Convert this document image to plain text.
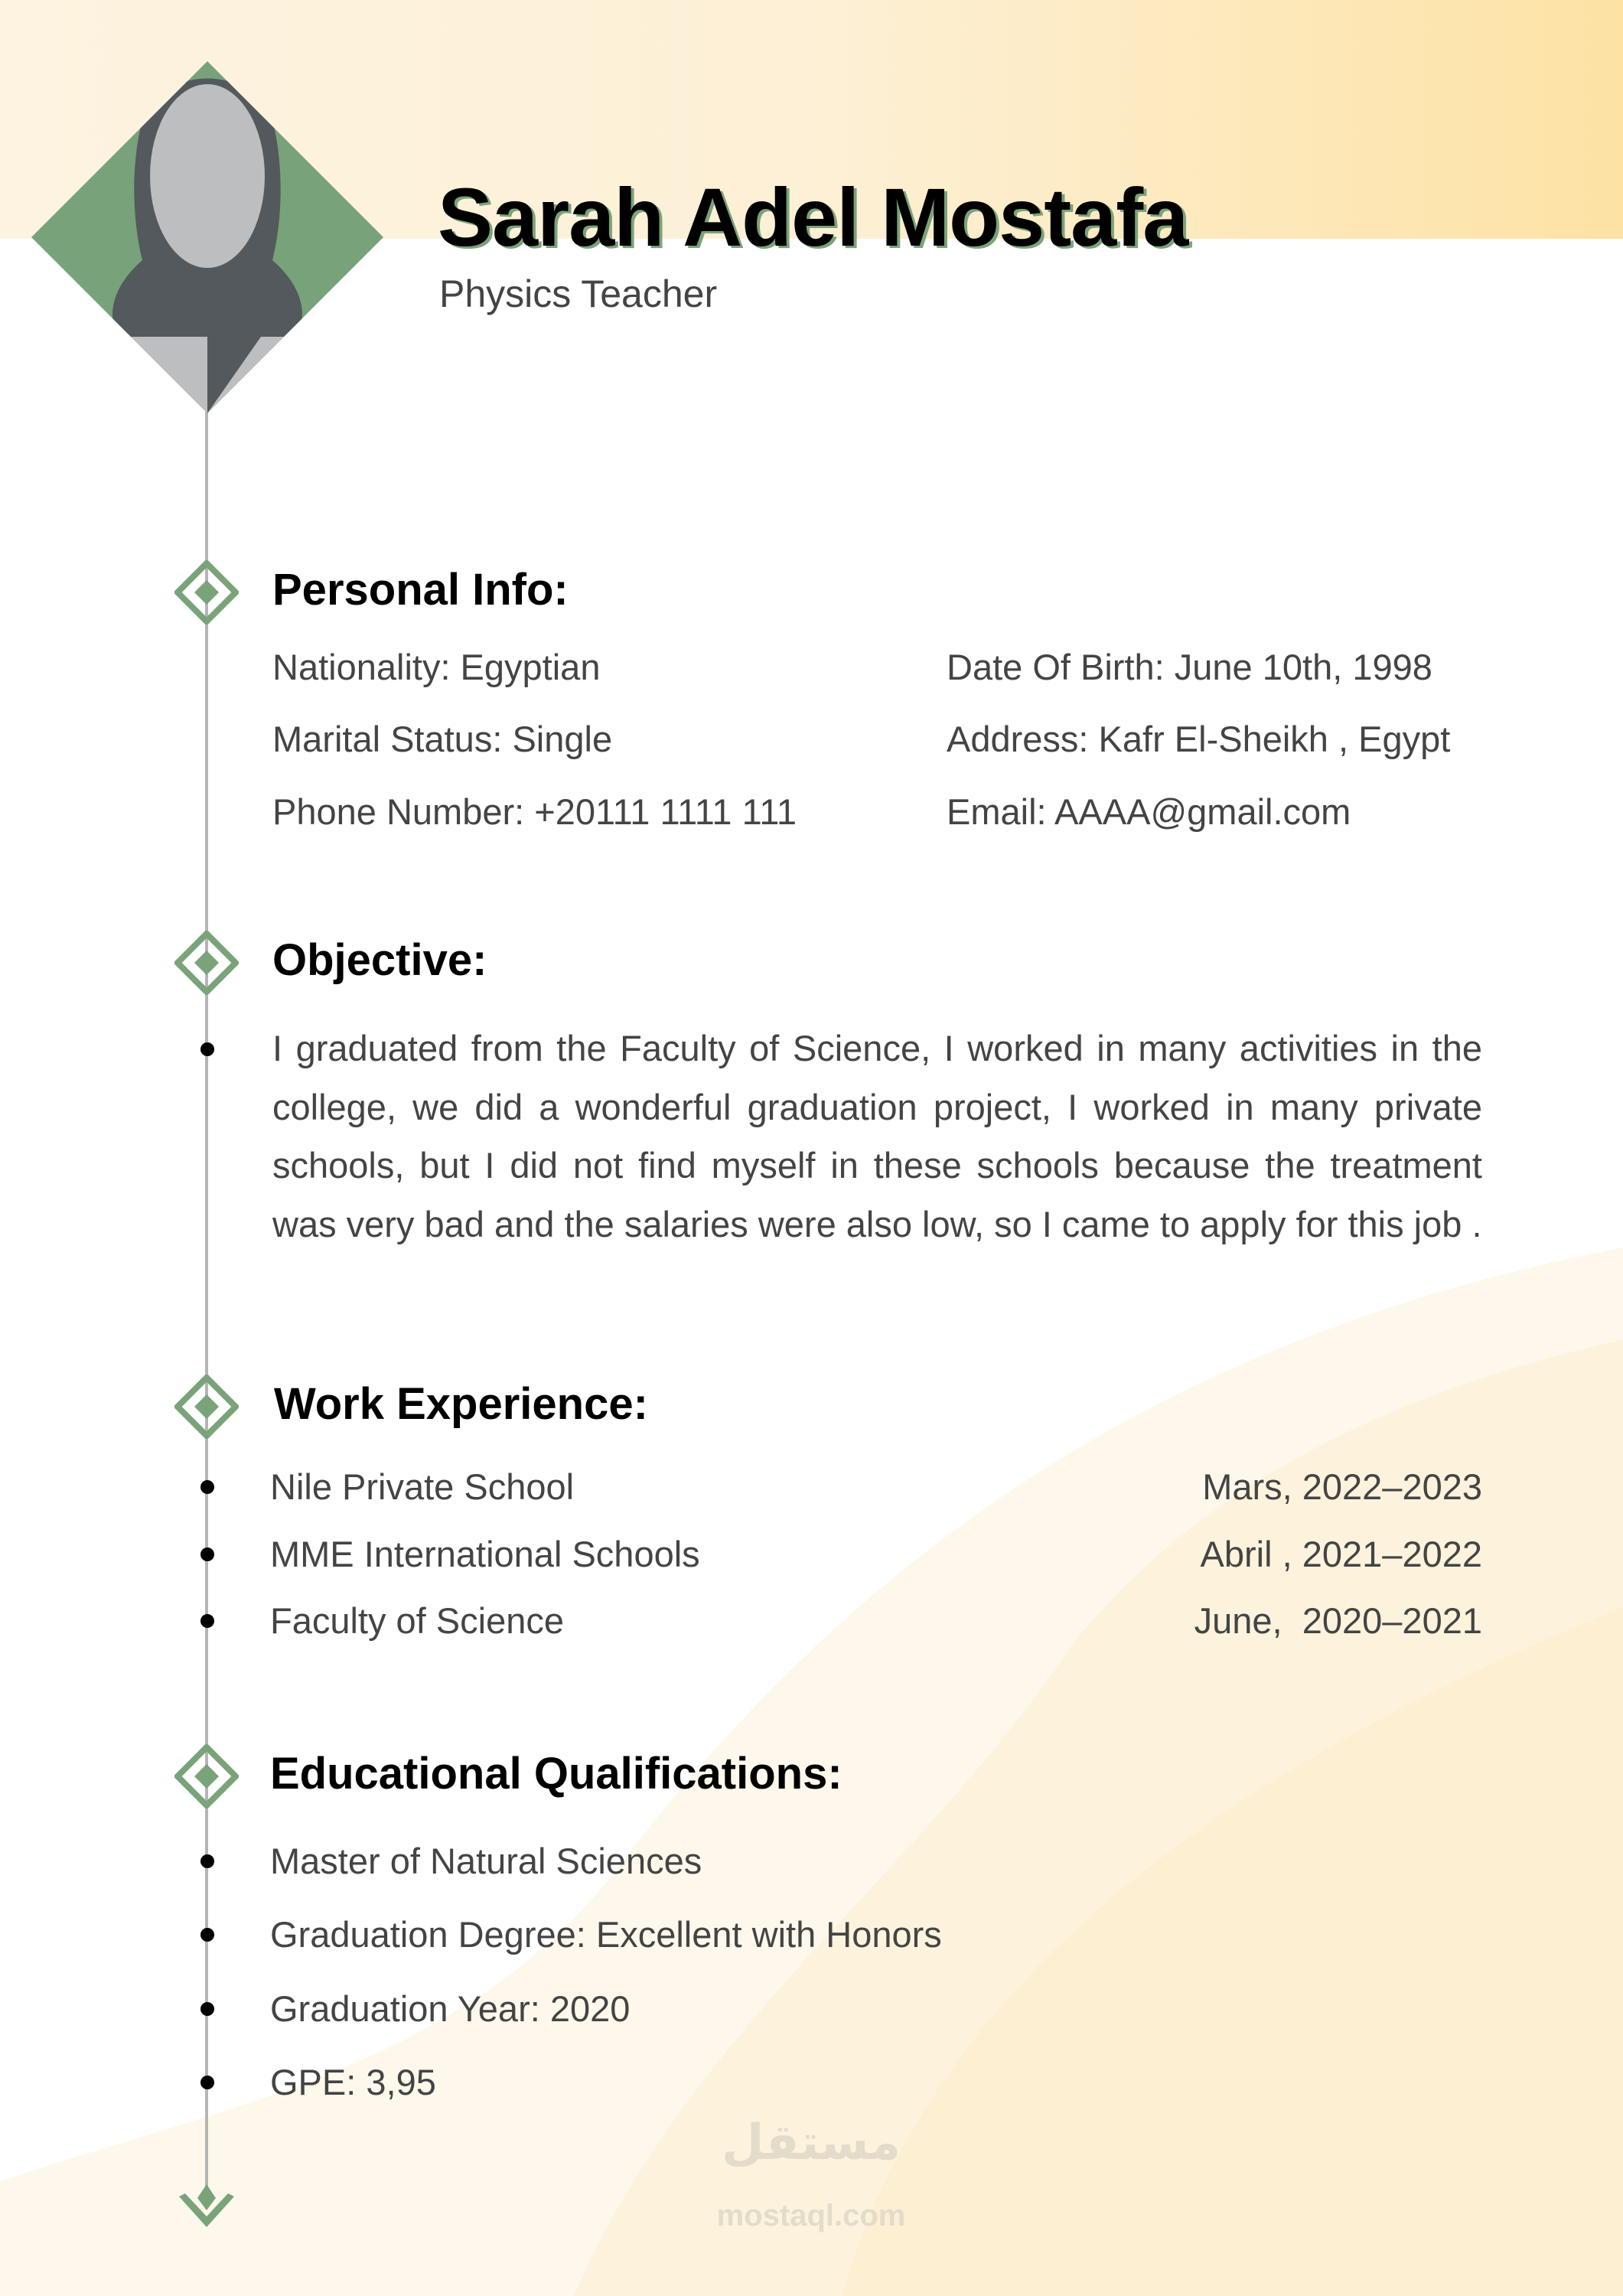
Sarah Adel Mostafa
Physics Teacher
Personal Info:
Nationality: Egyptian
Marital Status: Single
Phone Number: +20111 1111 111
Date Of Birth: June 10th, 1998
Address: Kafr El-Sheikh , Egypt
Email: AAAA@gmail.com
Objective:
I graduated from the Faculty of Science, I worked in many activities in the college, we did a wonderful graduation project, I worked in many private schools, but I did not find myself in these schools because the treatment was very bad and the salaries were also low, so I came to apply for this job .
Work Experience:
Nile Private School
MME International Schools
Faculty of Science
Mars, 2022–2023
Abril , 2021–2022
June,  2020–2021
Educational Qualifications:
Master of Natural Sciences
Graduation Degree: Excellent with Honors
Graduation Year: 2020
GPE: 3,95
مستقل
mostaql.com
